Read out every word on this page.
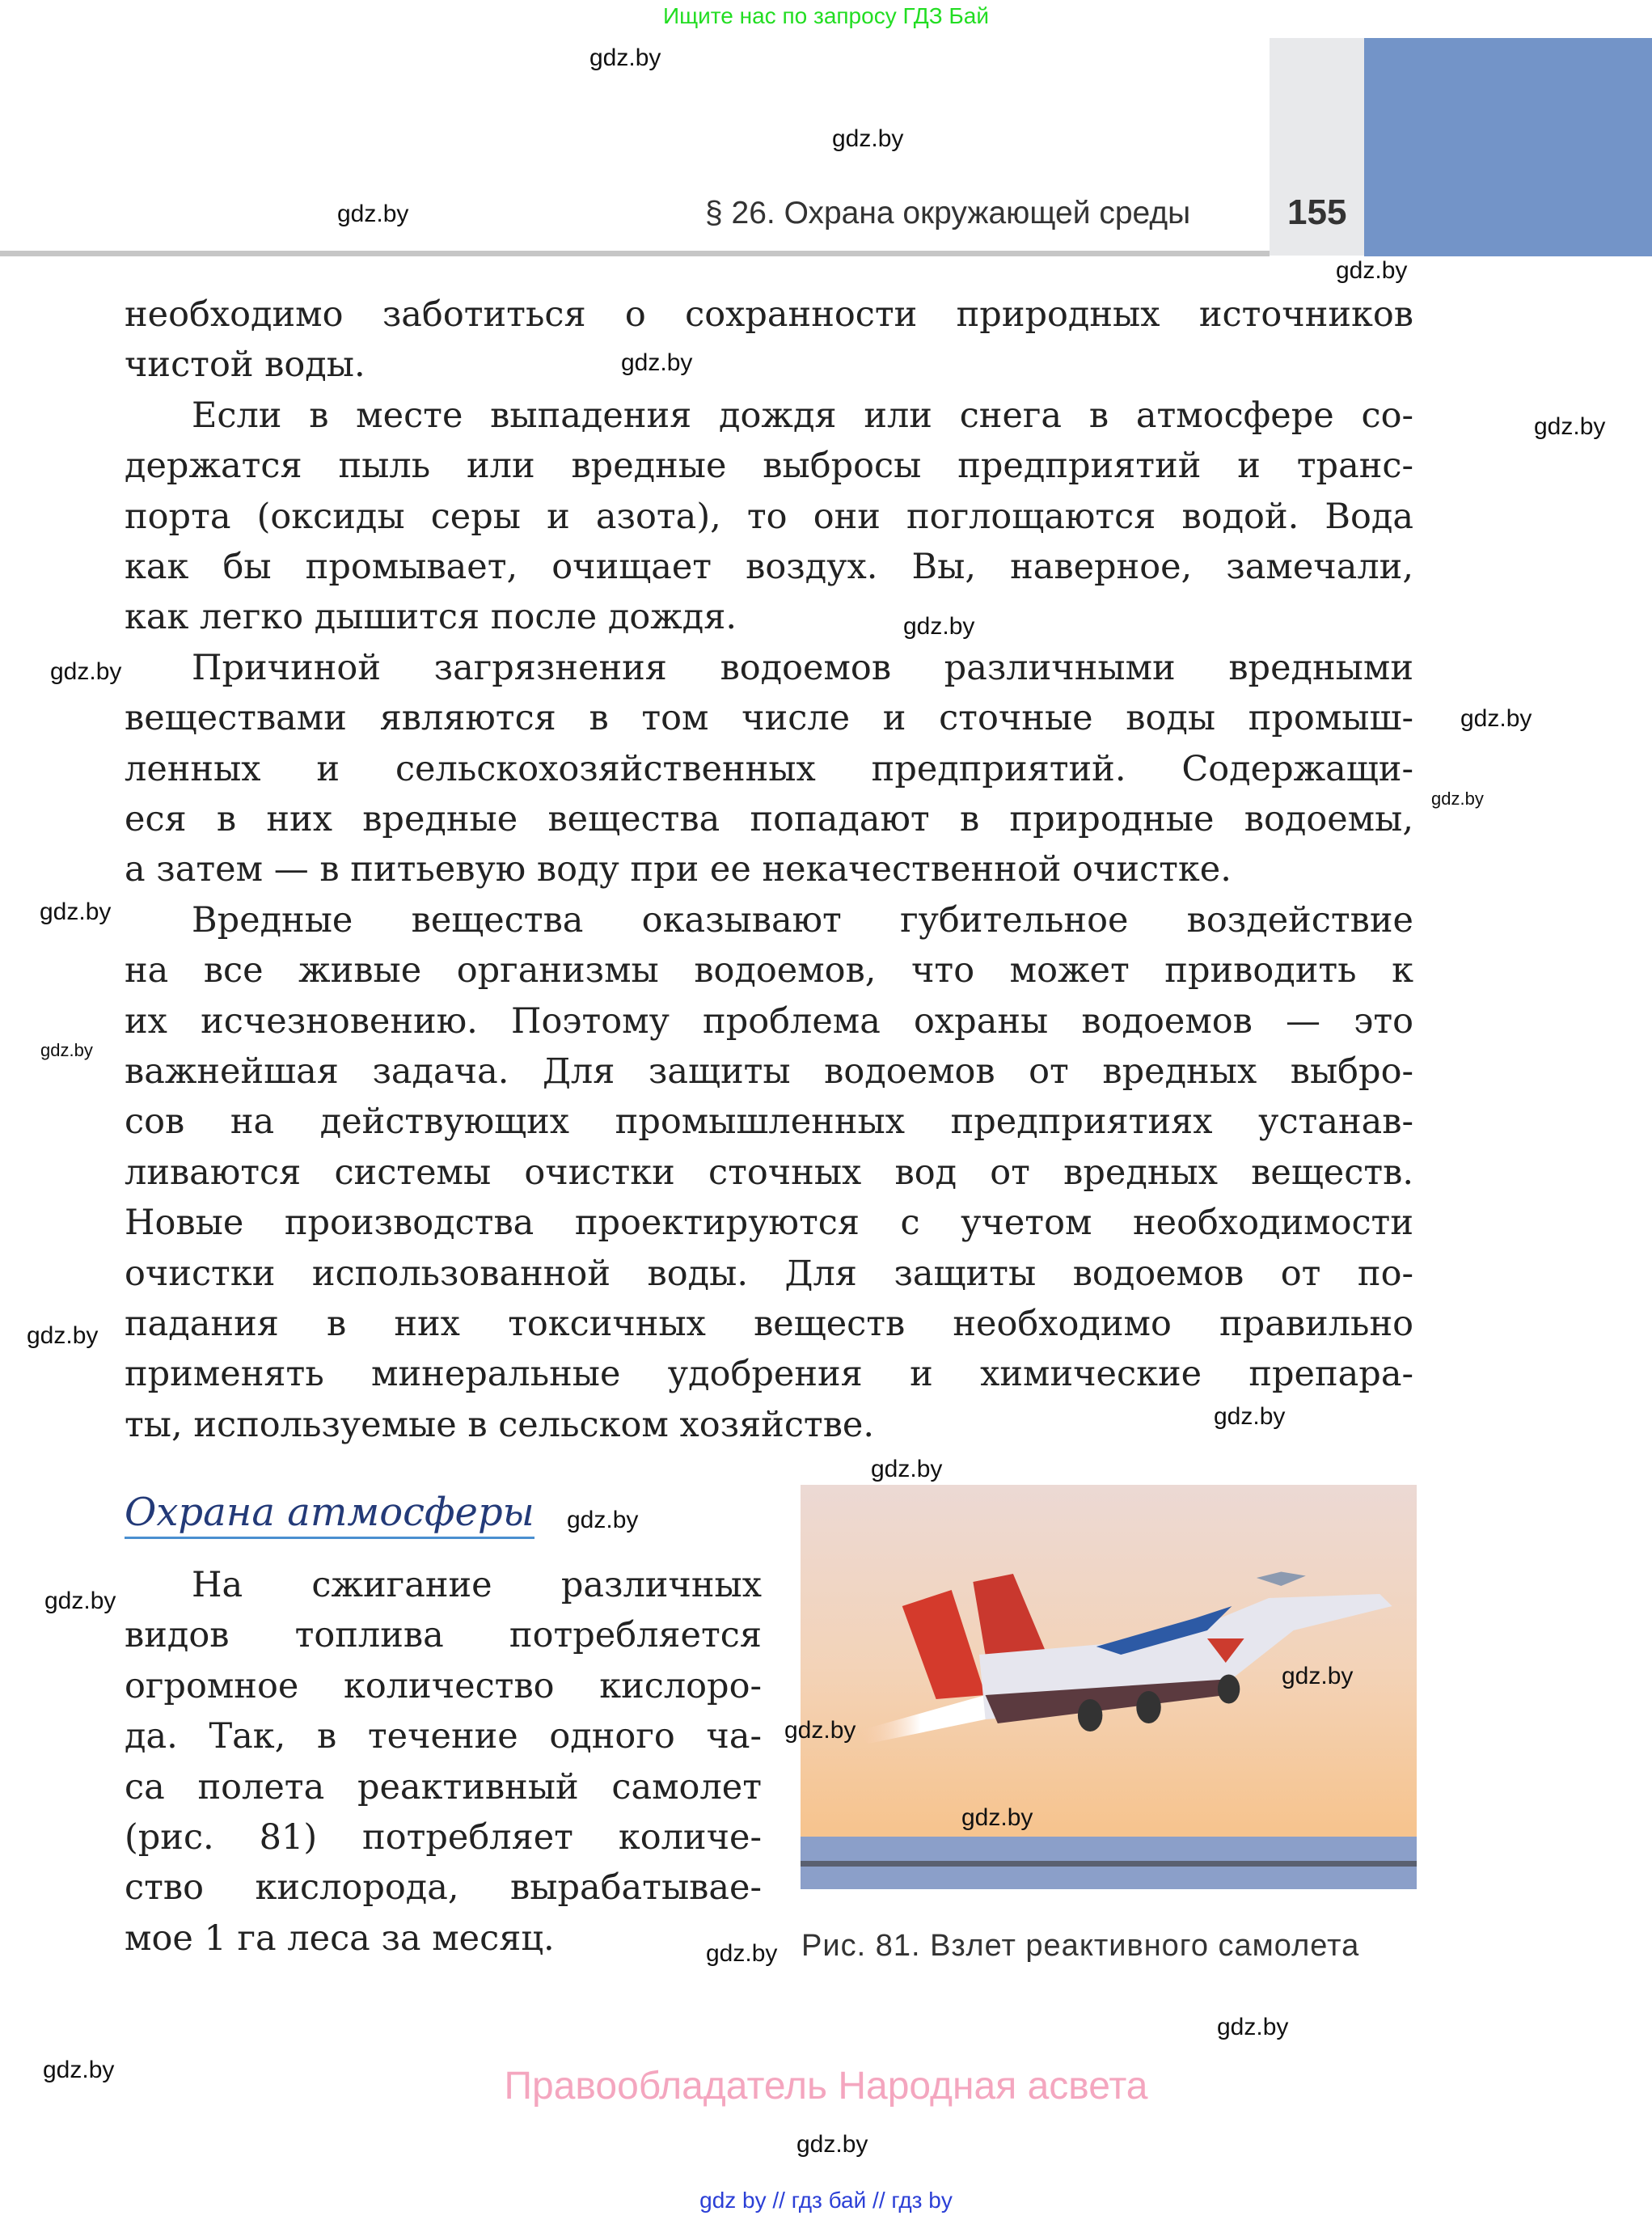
Ищите нас по запросу ГДЗ Бай
§ 26. Охрана окружающей среды	155
необходимо заботиться о сохранности природных источников
чистой воды.
Если в месте выпадения дождя или снега в атмосфере со-
держатся пыль или вредные выбросы предприятий и транс-
порта (оксиды серы и азота), то они поглощаются водой. Вода
как бы промывает, очищает воздух. Вы, наверное, замечали,
как легко дышится после дождя.
Причиной загрязнения водоемов различными вредными
веществами являются в том числе и сточные воды промыш-
ленных и сельскохозяйственных предприятий. Содержащи-
еся в них вредные вещества попадают в природные водоемы,
а затем — в питьевую воду при ее некачественной очистке.
Вредные вещества оказывают губительное воздействие
на все живые организмы водоемов, что может приводить к
их исчезновению. Поэтому проблема охраны водоемов — это
важнейшая задача. Для защиты водоемов от вредных выбро-
сов на действующих промышленных предприятиях устанав-
ливаются системы очистки сточных вод от вредных веществ.
Новые производства проектируются с учетом необходимости
очистки использованной воды. Для защиты водоемов от по-
падания в них токсичных веществ необходимо правильно
применять минеральные удобрения и химические препара-
ты, используемые в сельском хозяйстве.
Охрана атмосферы
На сжигание различных
видов топлива потребляется
огромное количество кислоро-
да. Так, в течение одного ча-
са полета реактивный самолет
(рис. 81) потребляет количе-
ство кислорода, вырабатывае-
мое 1 га леса за месяц.	Рис. 81. Взлет реактивного самолета
Правообладатель Народная асвета
gdz by // гдз бай // гдз by
gdz.by
gdz.by
gdz.by
gdz.by
gdz.by
gdz.by
gdz.by
gdz.by
gdz.by
gdz.by
gdz.by
gdz.by
gdz.by
gdz.by
gdz.by
gdz.by
gdz.by
gdz.by
gdz.by
gdz.by
gdz.by
gdz.by
gdz.by
gdz.by
